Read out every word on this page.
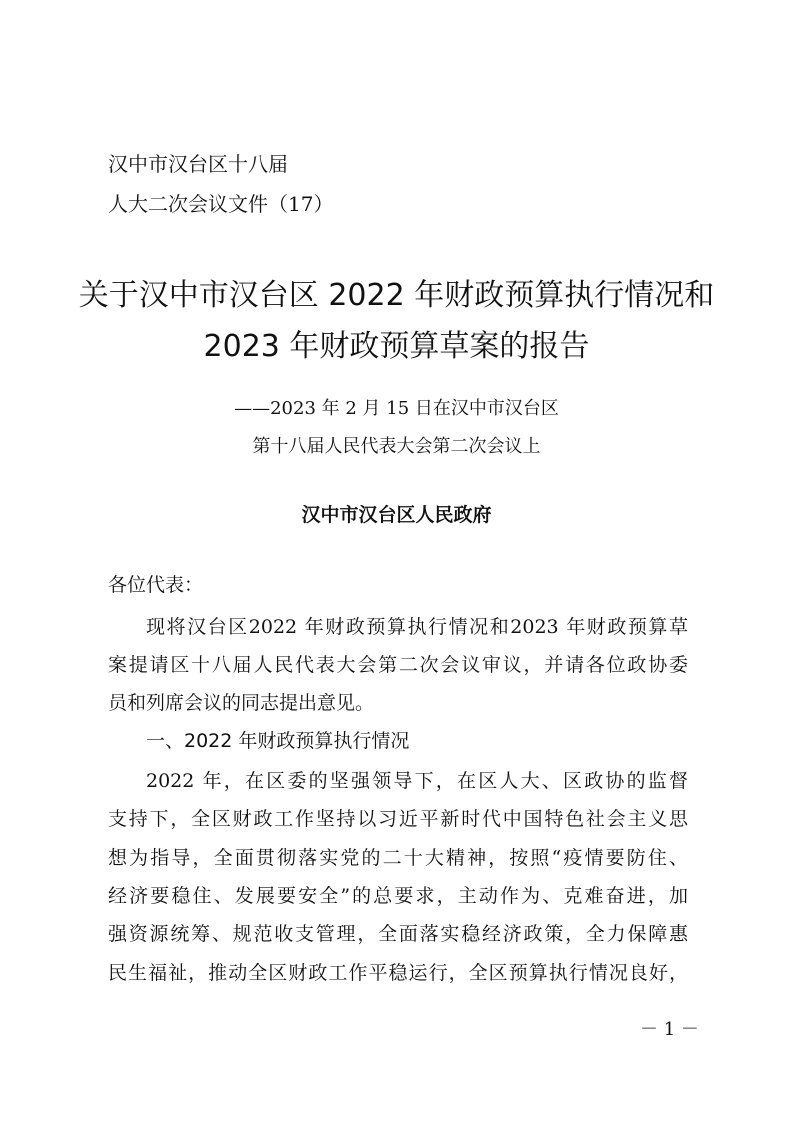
汉中市汉台区十八届
人大二次会议文件（17）
关于汉中市汉台区 2022 年财政预算执行情况和
2023 年财政预算草案的报告
——2023 年 2 月 15 日在汉中市汉台区
第十八届人民代表大会第二次会议上
汉中市汉台区人民政府
各位代表：
现将汉台区2022 年财政预算执行情况和2023 年财政预算草
案提请区十八届人民代表大会第二次会议审议，并请各位政协委
员和列席会议的同志提出意见。
一、2022 年财政预算执行情况
2022 年，在区委的坚强领导下，在区人大、区政协的监督
支持下，全区财政工作坚持以习近平新时代中国特色社会主义思
想为指导，全面贯彻落实党的二十大精神，按照“疫情要防住、
经济要稳住、发展要安全”的总要求，主动作为、克难奋进，加
强资源统筹、规范收支管理，全面落实稳经济政策，全力保障惠
民生福祉，推动全区财政工作平稳运行，全区预算执行情况良好，
－ 1 －
